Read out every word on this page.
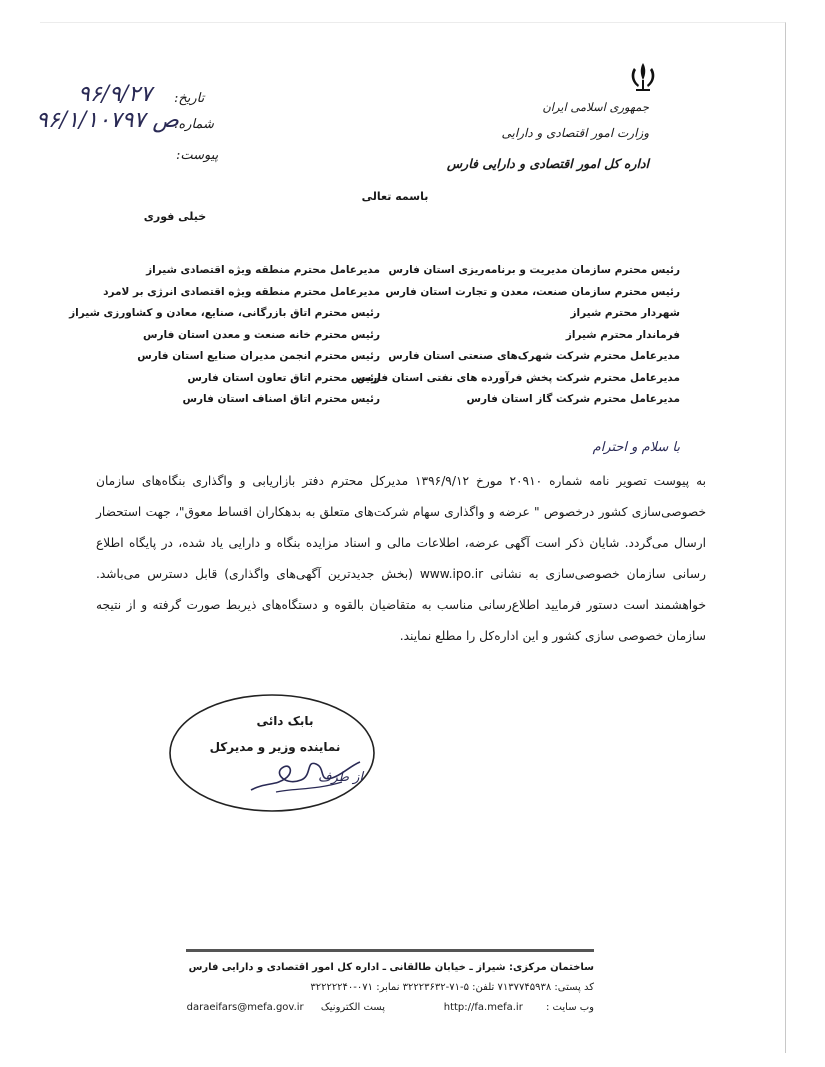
جمهوری اسلامی ایران
وزارت امور اقتصادی و دارایی
اداره کل امور اقتصادی و دارایی فارس
تاریخ:
۹۶/۹/۲۷
شماره:
ص ۹۶/۱/۱۰۷۹۷
پیوست:
باسمه تعالی
خیلی فوری
رئیس محترم سازمان مدیریت و برنامه‌ریزی استان فارس
رئیس محترم سازمان صنعت، معدن و تجارت استان فارس
شهردار محترم شیراز
فرماندار محترم شیراز
مدیرعامل محترم شرکت شهرک‌های صنعتی استان فارس
مدیرعامل محترم شرکت پخش فرآورده های نفتی استان فارس
مدیرعامل محترم شرکت گاز استان فارس
مدیرعامل محترم منطقه ویژه اقتصادی شیراز
مدیرعامل محترم منطقه ویژه اقتصادی انرژی بر لامرد
رئیس محترم اتاق بازرگانی، صنایع، معادن و کشاورزی شیراز
رئیس محترم خانه صنعت و معدن استان فارس
رئیس محترم انجمن مدیران صنایع استان فارس
رئیس محترم اتاق تعاون استان فارس
رئیس محترم اتاق اصناف استان فارس
با سلام و احترام

به پیوست تصویر نامه شماره ۲۰۹۱۰ مورخ ۱۳۹۶/۹/۱۲ مدیرکل محترم دفتر بازاریابی و واگذاری بنگاه‌های سازمان خصوصی‌سازی کشور درخصوص " عرضه و واگذاری سهام شرکت‌های متعلق به بدهکاران اقساط معوق"، جهت استحضار ارسال می‌گردد. شایان ذکر است آگهی عرضه، اطلاعات مالی و اسناد مزایده بنگاه و دارایی یاد شده، در پایگاه اطلاع رسانی سازمان خصوصی‌سازی به نشانی www.ipo.ir (بخش جدیدترین آگهی‌های واگذاری) قابل دسترس می‌باشد. خواهشمند است دستور فرمایید اطلاع‌رسانی مناسب به متقاضیان بالقوه و دستگاه‌های ذیربط صورت گرفته و از نتیجه سازمان خصوصی سازی کشور و این اداره‌کل را مطلع نمایند.

بابک دائی
نماینده وزیر و مدیرکل
از طرف
ساختمان مرکزی: شیراز ـ خیابان طالقانی ـ اداره کل امور اقتصادی و دارایی فارس
کد پستی: ۷۱۳۷۷۴۵۹۳۸ تلفن: ۵-۷۱-۳۲۲۲۳۶۳۲ نمابر: ۰۷۱-۳۲۲۲۲۲۴۰
وب سایت : http://fa.mefa.ir
پست الکترونیک daraeifars@mefa.gov.ir
